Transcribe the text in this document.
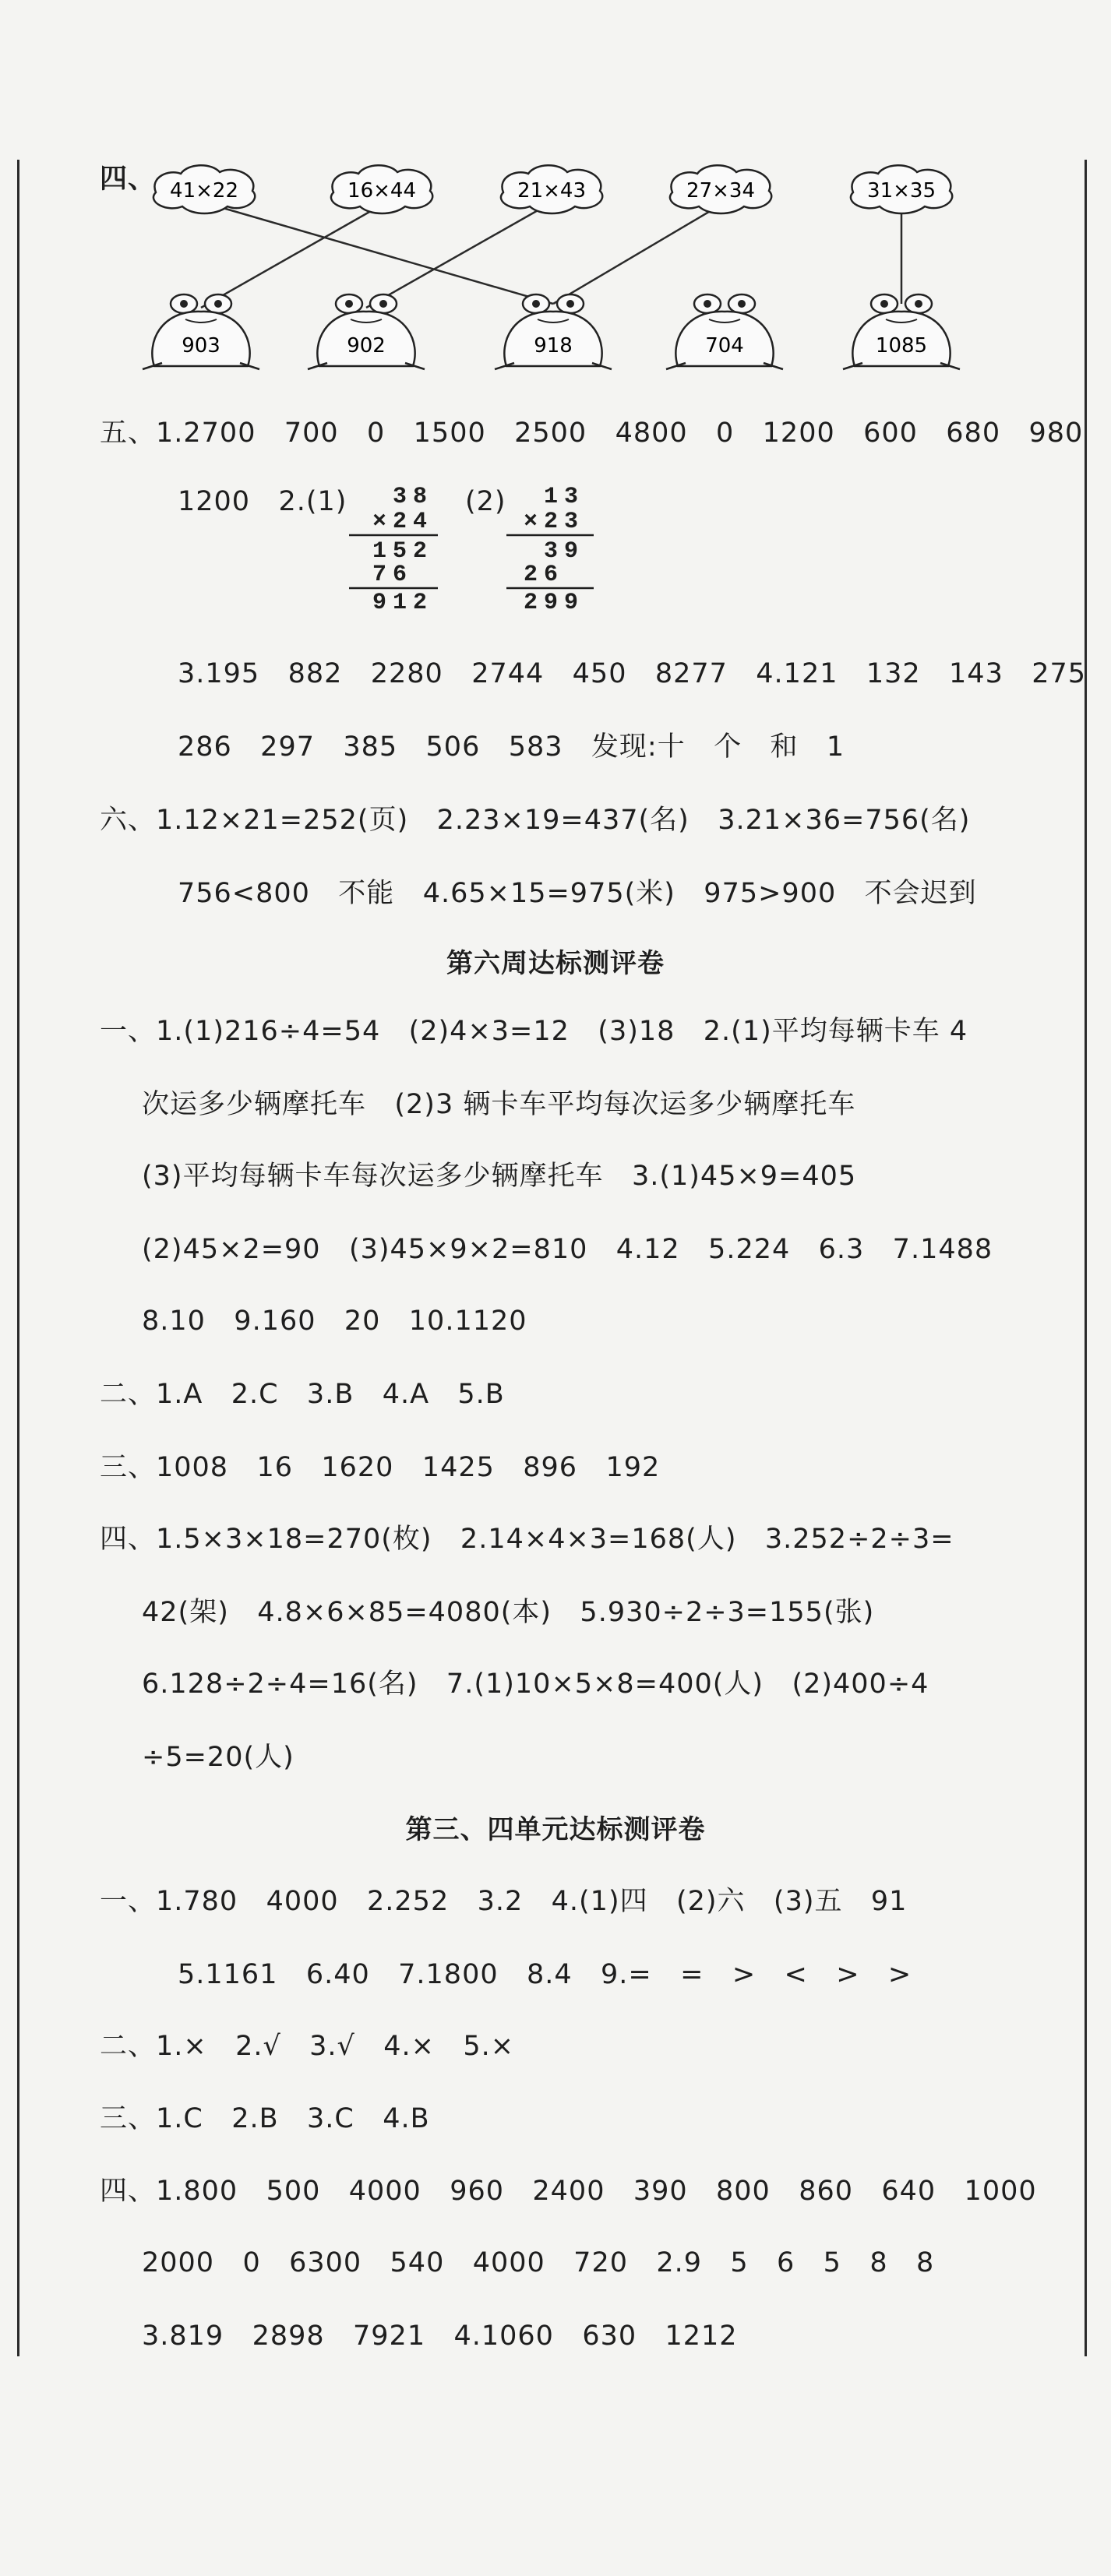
四、 41×22	16×44	21×43	27×34	31×35
903	902	918	704	1085
五、1.2700   700   0   1500   2500   4800   0   1200   600   680   980
1200   2.(1) 38
×24
152
76
912
(2) 13
×23
39
26
299
3.195   882   2280   2744   450   8277   4.121   132   143   275
286   297   385   506   583   发现:十   个   和   1
六、1.12×21=252(页)   2.23×19=437(名)   3.21×36=756(名)
756<800   不能   4.65×15=975(米)   975>900   不会迟到
第六周达标测评卷
一、1.(1)216÷4=54   (2)4×3=12   (3)18   2.(1)平均每辆卡车 4
次运多少辆摩托车   (2)3 辆卡车平均每次运多少辆摩托车
(3)平均每辆卡车每次运多少辆摩托车   3.(1)45×9=405
(2)45×2=90   (3)45×9×2=810   4.12   5.224   6.3   7.1488
8.10   9.160   20   10.1120
二、1.A   2.C   3.B   4.A   5.B
三、1008   16   1620   1425   896   192
四、1.5×3×18=270(枚)   2.14×4×3=168(人)   3.252÷2÷3=
42(架)   4.8×6×85=4080(本)   5.930÷2÷3=155(张)
6.128÷2÷4=16(名)   7.(1)10×5×8=400(人)   (2)400÷4
÷5=20(人)
第三、四单元达标测评卷
一、1.780   4000   2.252   3.2   4.(1)四   (2)六   (3)五   91
5.1161   6.40   7.1800   8.4   9.=   =   >   <   >   >
二、1.×   2.√   3.√   4.×   5.×
三、1.C   2.B   3.C   4.B
四、1.800   500   4000   960   2400   390   800   860   640   1000
2000   0   6300   540   4000   720   2.9   5   6   5   8   8
3.819   2898   7921   4.1060   630   1212
